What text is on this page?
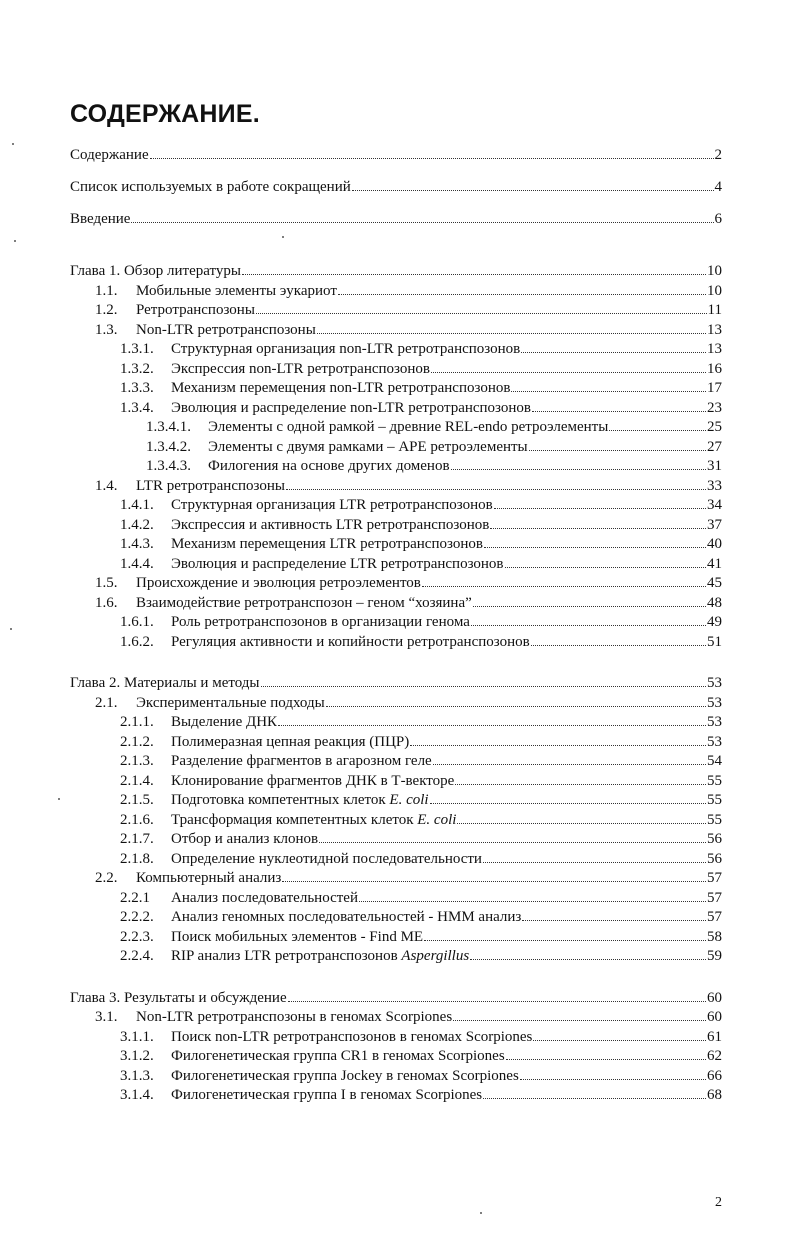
СОДЕРЖАНИЕ.
Содержание	2
Список используемых в работе сокращений	4
Введение	6
Глава 1. Обзор литературы	10
1.1.	Мобильные элементы эукариот	10
1.2.	Ретротранспозоны	11
1.3.	Non-LTR ретротранспозоны	13
1.3.1.	Структурная организация non-LTR ретротранспозонов	13
1.3.2.	Экспрессия non-LTR ретротранспозонов	16
1.3.3.	Механизм перемещения non-LTR ретротранспозонов	17
1.3.4.	Эволюция и распределение non-LTR ретротранспозонов	23
1.3.4.1.	Элементы с одной рамкой – древние REL-endo ретроэлементы	25
1.3.4.2.	Элементы с двумя рамками – APE ретроэлементы	27
1.3.4.3.	Филогения на основе других доменов	31
1.4.	LTR ретротранспозоны	33
1.4.1.	Структурная организация LTR ретротранспозонов	34
1.4.2.	Экспрессия и активность LTR ретротранспозонов	37
1.4.3.	Механизм перемещения LTR ретротранспозонов	40
1.4.4.	Эволюция и распределение LTR ретротранспозонов	41
1.5.	Происхождение и эволюция ретроэлементов	45
1.6.	Взаимодействие ретротранспозон – геном “хозяина”	48
1.6.1.	Роль ретротранспозонов в организации генома	49
1.6.2.	Регуляция активности и копийности ретротранспозонов	51
Глава 2. Материалы и методы	53
2.1.	Экспериментальные подходы	53
2.1.1.	Выделение ДНК	53
2.1.2.	Полимеразная цепная реакция (ПЦР)	53
2.1.3.	Разделение фрагментов в агарозном геле	54
2.1.4.	Клонирование фрагментов ДНК в Т-векторе	55
2.1.5.	Подготовка компетентных клеток E. coli	55
2.1.6.	Трансформация компетентных клеток E. coli	55
2.1.7.	Отбор и анализ клонов	56
2.1.8.	Определение нуклеотидной последовательности	56
2.2.	Компьютерный анализ	57
2.2.1	Анализ последовательностей	57
2.2.2.	Анализ геномных последовательностей - HMM анализ	57
2.2.3.	Поиск мобильных элементов - Find ME	58
2.2.4.	RIP анализ LTR ретротранспозонов Aspergillus	59
Глава 3. Результаты и обсуждение	60
3.1.	Non-LTR ретротранспозоны в геномах Scorpiones	60
3.1.1.	Поиск non-LTR ретротранспозонов в геномах Scorpiones	61
3.1.2.	Филогенетическая группа CR1 в геномах Scorpiones	62
3.1.3.	Филогенетическая группа Jockey в геномах Scorpiones	66
3.1.4.	Филогенетическая группа I в геномах Scorpiones	68
2
